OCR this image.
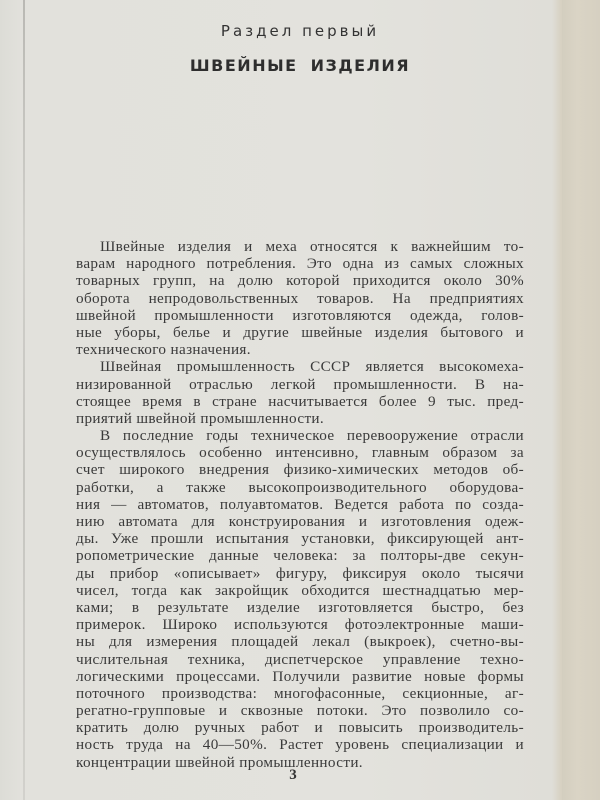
Раздел первый
ШВЕЙНЫЕ ИЗДЕЛИЯ
Швейные изделия и меха относятся к важнейшим то-
варам народного потребления. Это одна из самых сложных
товарных групп, на долю которой приходится около 30%
оборота непродовольственных товаров. На предприятиях
швейной промышленности изготовляются одежда, голов-
ные уборы, белье и другие швейные изделия бытового и
технического назначения.
Швейная промышленность СССР является высокомеха-
низированной отраслью легкой промышленности. В на-
стоящее время в стране насчитывается более 9 тыс. пред-
приятий швейной промышленности.
В последние годы техническое перевооружение отрасли
осуществлялось особенно интенсивно, главным образом за
счет широкого внедрения физико-химических методов об-
работки, а также высокопроизводительного оборудова-
ния — автоматов, полуавтоматов. Ведется работа по созда-
нию автомата для конструирования и изготовления одеж-
ды. Уже прошли испытания установки, фиксирующей ант-
ропометрические данные человека: за полторы-две секун-
ды прибор «описывает» фигуру, фиксируя около тысячи
чисел, тогда как закройщик обходится шестнадцатью мер-
ками; в результате изделие изготовляется быстро, без
примерок. Широко используются фотоэлектронные маши-
ны для измерения площадей лекал (выкроек), счетно-вы-
числительная техника, диспетчерское управление техно-
логическими процессами. Получили развитие новые формы
поточного производства: многофасонные, секционные, аг-
регатно-групповые и сквозные потоки. Это позволило со-
кратить долю ручных работ и повысить производитель-
ность труда на 40—50%. Растет уровень специализации и
концентрации швейной промышленности.
3
